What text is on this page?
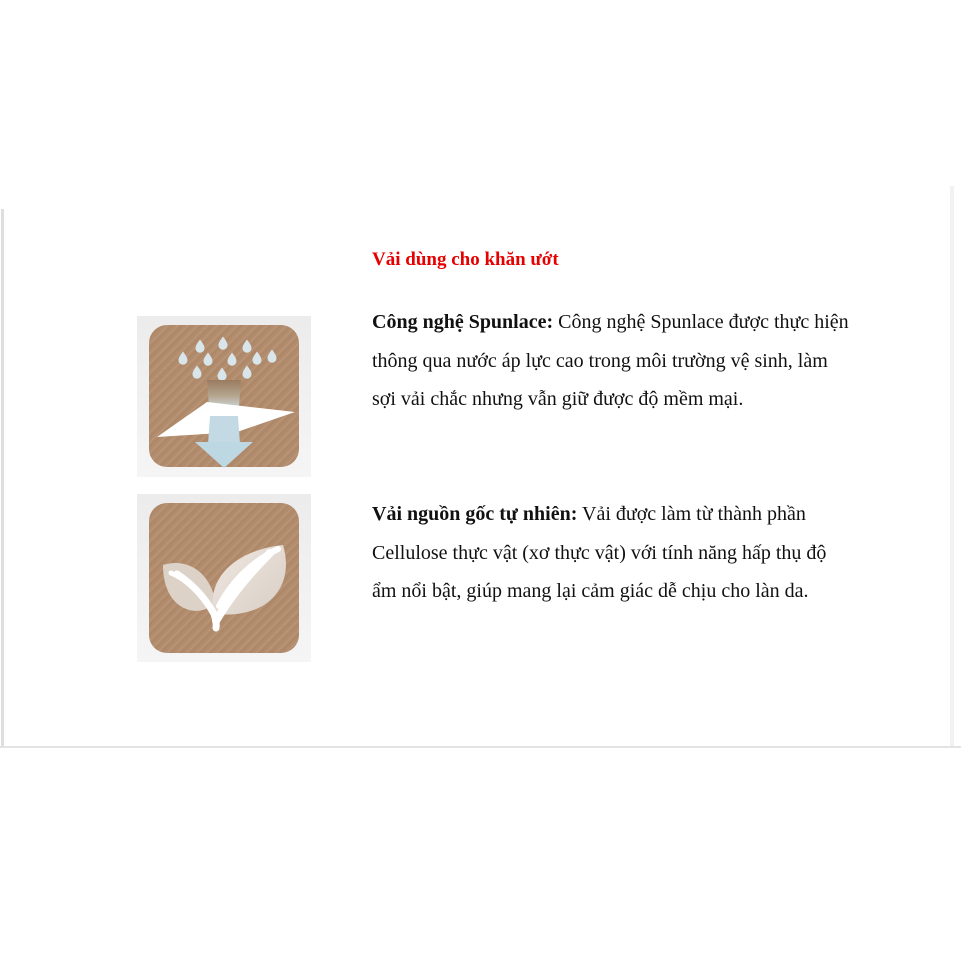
Vải dùng cho khăn ướt

Công nghệ Spunlace: Công nghệ Spunlace được thực hiện thông qua nước áp lực cao trong môi trường vệ sinh, làm sợi vải chắc nhưng vẫn giữ được độ mềm mại.

Vải nguồn gốc tự nhiên: Vải được làm từ thành phần Cellulose thực vật (xơ thực vật) với tính năng hấp thụ độ ẩm nổi bật, giúp mang lại cảm giác dễ chịu cho làn da.
